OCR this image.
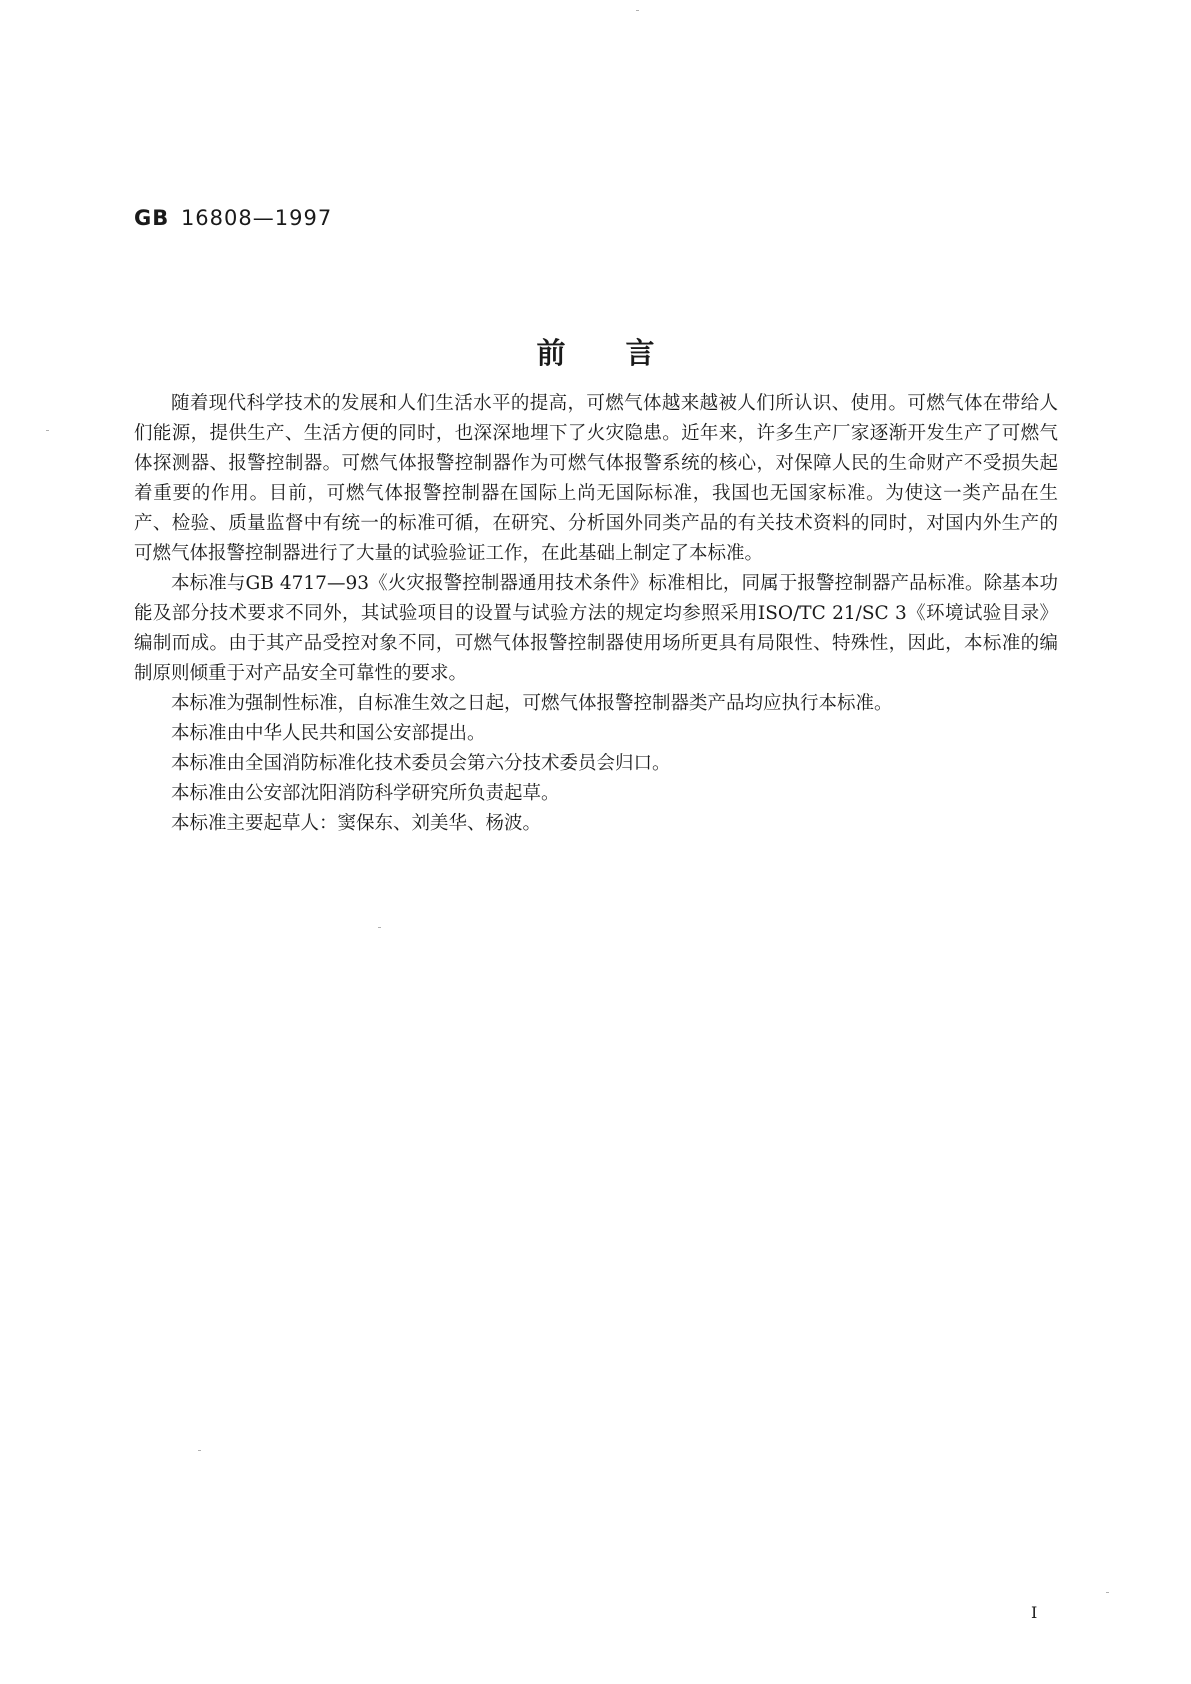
GB 16808—1997
前言

随着现代科学技术的发展和人们生活水平的提高，可燃气体越来越被人们所认识、使用。可燃气体在带给人们能源，提供生产、生活方便的同时，也深深地埋下了火灾隐患。近年来，许多生产厂家逐渐开发生产了可燃气体探测器、报警控制器。可燃气体报警控制器作为可燃气体报警系统的核心，对保障人民的生命财产不受损失起着重要的作用。目前，可燃气体报警控制器在国际上尚无国际标准，我国也无国家标准。为使这一类产品在生产、检验、质量监督中有统一的标准可循，在研究、分析国外同类产品的有关技术资料的同时，对国内外生产的可燃气体报警控制器进行了大量的试验验证工作，在此基础上制定了本标准。

本标准与GB 4717—93《火灾报警控制器通用技术条件》标准相比，同属于报警控制器产品标准。除基本功能及部分技术要求不同外，其试验项目的设置与试验方法的规定均参照采用ISO/TC 21/SC 3《环境试验目录》编制而成。由于其产品受控对象不同，可燃气体报警控制器使用场所更具有局限性、特殊性，因此，本标准的编制原则倾重于对产品安全可靠性的要求。

本标准为强制性标准，自标准生效之日起，可燃气体报警控制器类产品均应执行本标准。

本标准由中华人民共和国公安部提出。

本标准由全国消防标准化技术委员会第六分技术委员会归口。

本标准由公安部沈阳消防科学研究所负责起草。

本标准主要起草人：窦保东、刘美华、杨波。

I
